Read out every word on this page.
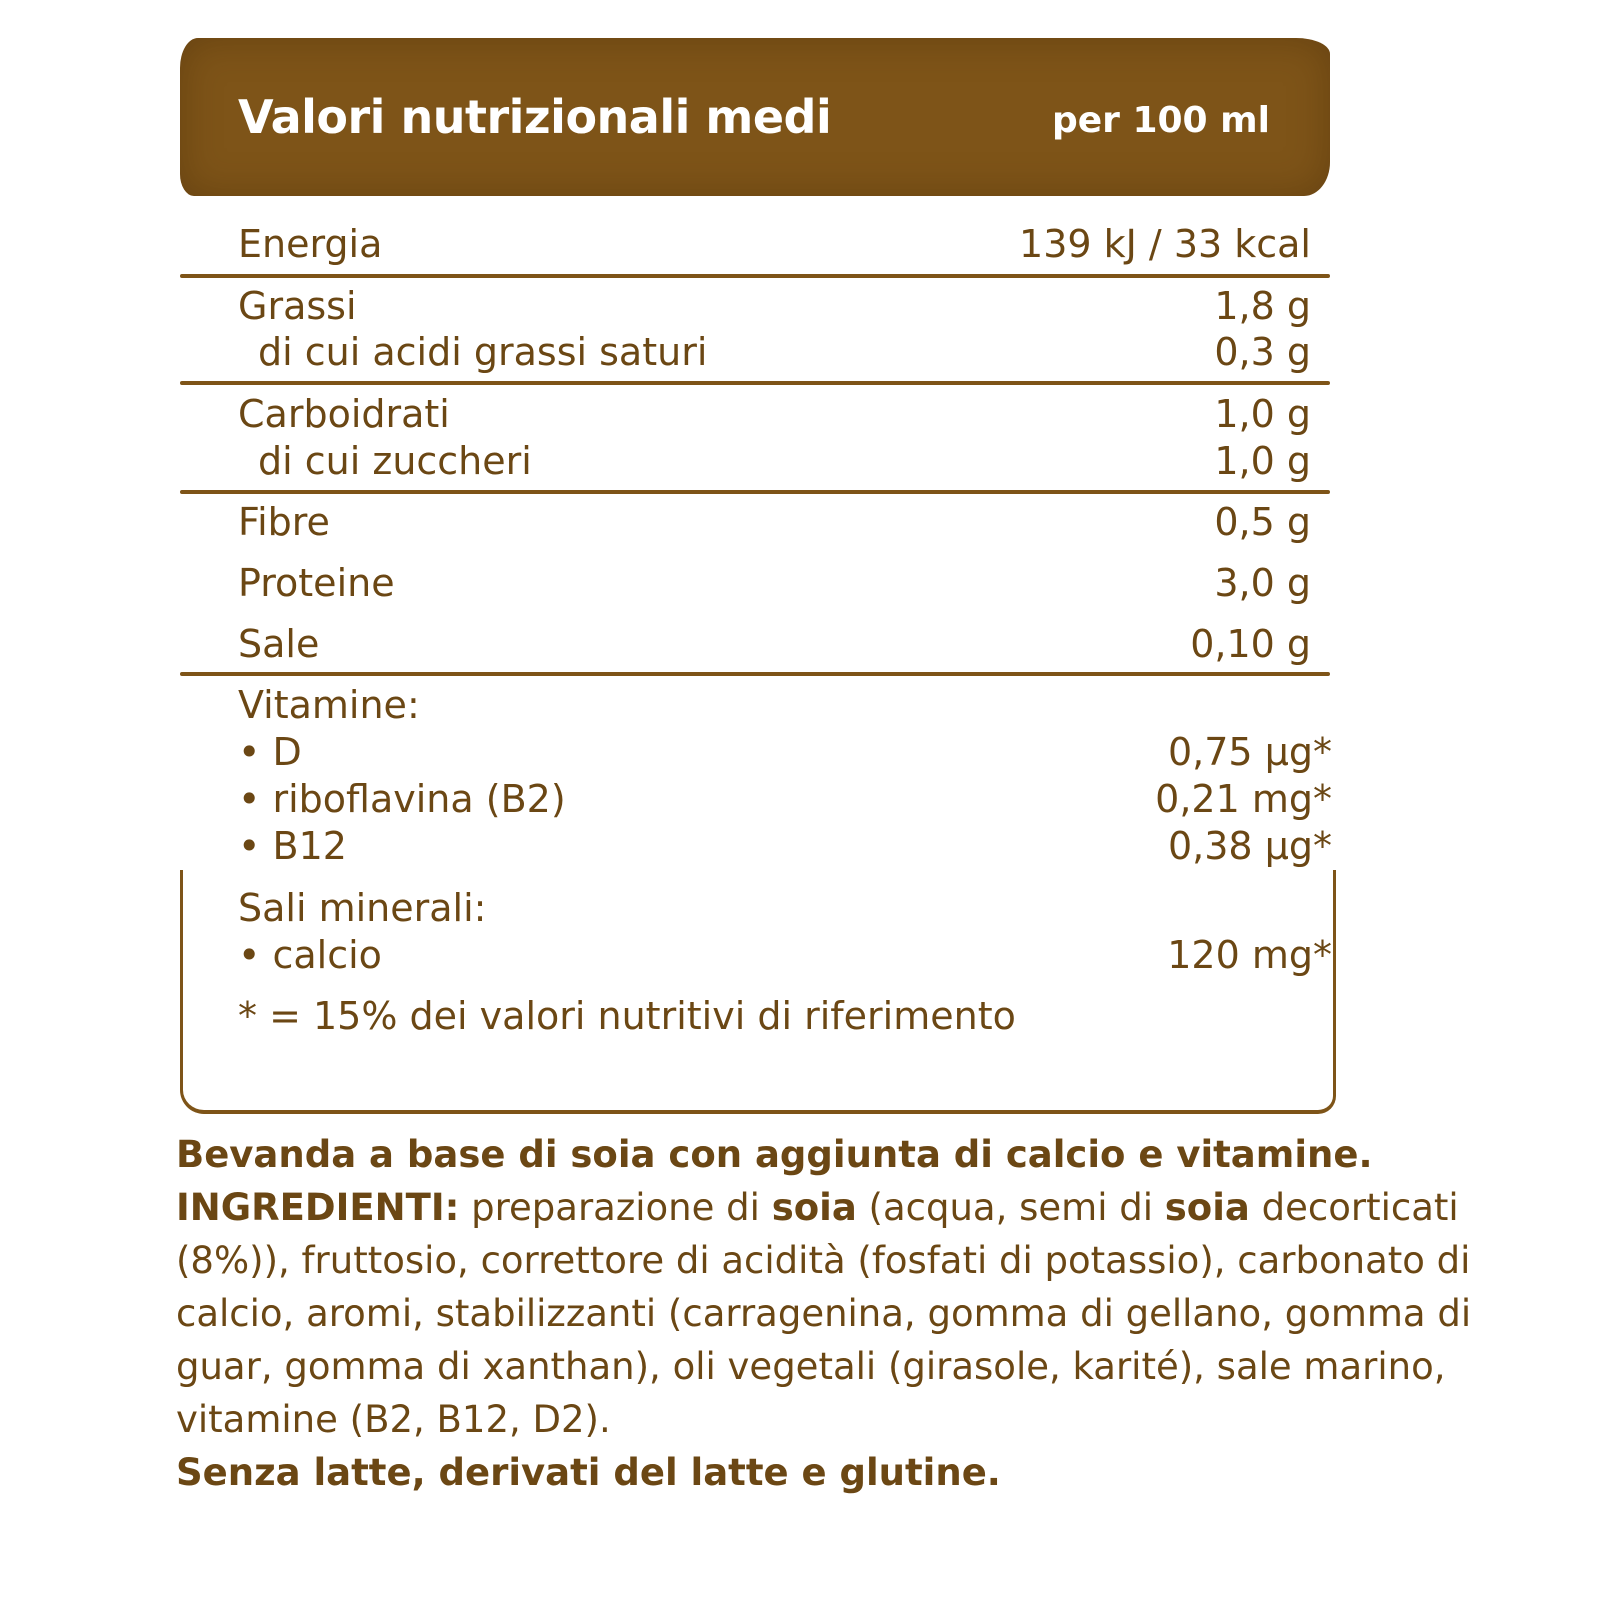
Valori nutrizionali medi	per 100 ml
Energia	139 kJ / 33 kcal
Grassi	1,8 g
di cui acidi grassi saturi	0,3 g
Carboidrati	1,0 g
di cui zuccheri	1,0 g
Fibre	0,5 g
Proteine	3,0 g
Sale	0,10 g
Vitamine:
• D	0,75 µg*
• riboflavina (B2)	0,21 mg*
• B12	0,38 µg*
Sali minerali:
• calcio	120 mg*
* = 15% dei valori nutritivi di riferimento

Bevanda a base di soia con aggiunta di calcio e vitamine.

INGREDIENTI: preparazione di soia (acqua, semi di soia decorticati (8%)), fruttosio, correttore di acidità (fosfati di potassio), carbonato di calcio, aromi, stabilizzanti (carragenina, gomma di gellano, gomma di guar, gomma di xanthan), oli vegetali (girasole, karité), sale marino, vitamine (B2, B12, D2).

Senza latte, derivati del latte e glutine.
